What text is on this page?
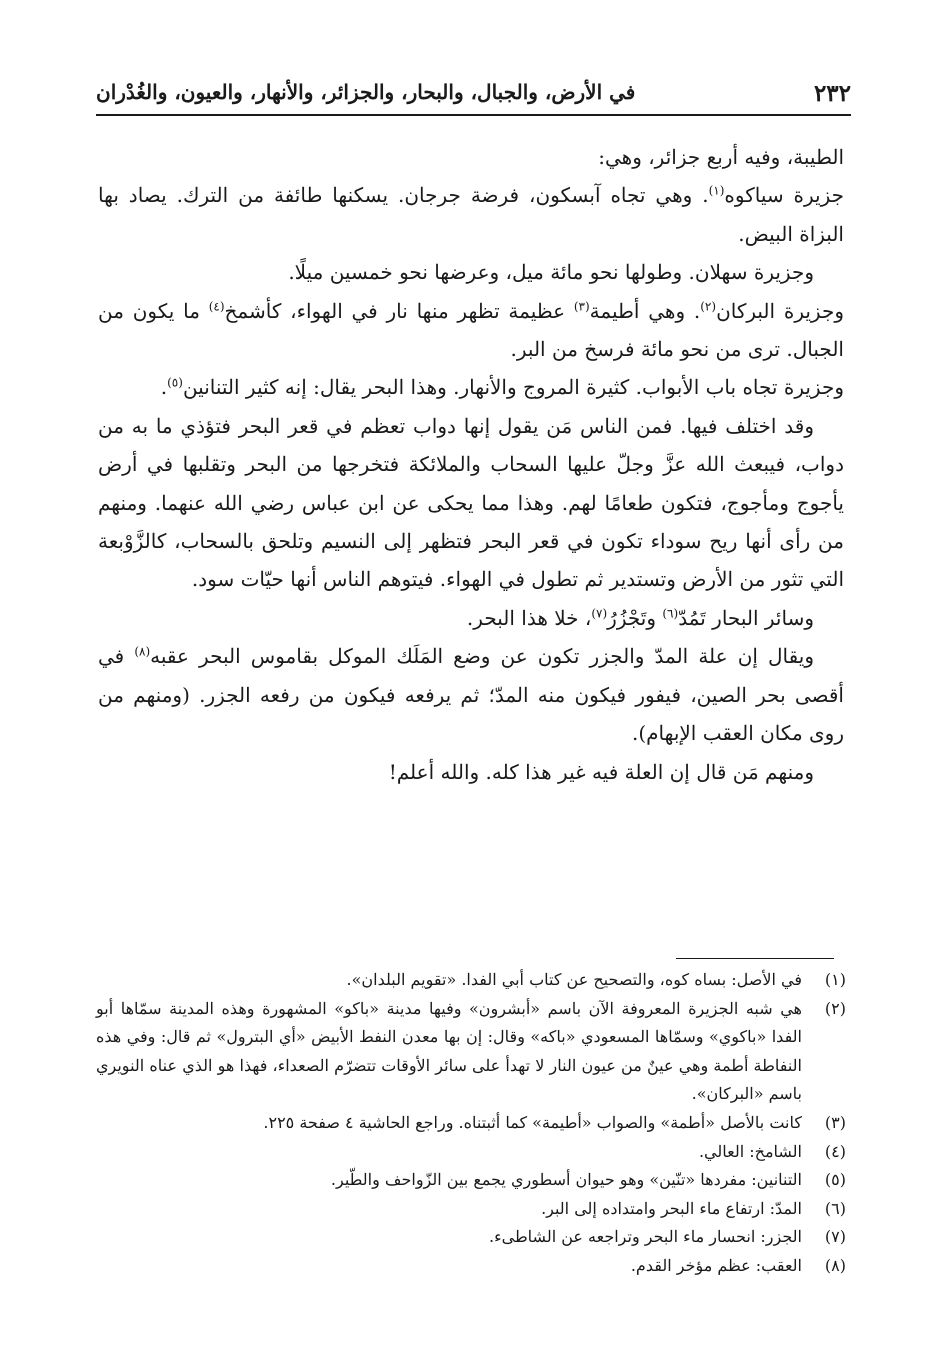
٢٣٢
في الأرض، والجبال، والبحار، والجزائر، والأنهار، والعيون، والغُدْران

الطيبة، وفيه أربع جزائر، وهي:

جزيرة سياكوه$^{(١)}$. وهي تجاه آبسكون، فرضة جرجان. يسكنها طائفة من الترك. يصاد بها البزاة البيض.

وجزيرة سهلان. وطولها نحو مائة ميل، وعرضها نحو خمسين ميلًا.

وجزيرة البركان$^{(٢)}$. وهي أطيمة$^{(٣)}$ عظيمة تظهر منها نار في الهواء، كأشمخ$^{(٤)}$ ما يكون من الجبال. ترى من نحو مائة فرسخ من البر.

وجزيرة تجاه باب الأبواب. كثيرة المروج والأنهار. وهذا البحر يقال: إنه كثير التنانين$^{(٥)}$.

وقد اختلف فيها. فمن الناس مَن يقول إنها دواب تعظم في قعر البحر فتؤذي ما به من دواب، فيبعث الله عزَّ وجلّ عليها السحاب والملائكة فتخرجها من البحر وتقلبها في أرض يأجوج ومأجوج، فتكون طعامًا لهم. وهذا مما يحكى عن ابن عباس رضي الله عنهما. ومنهم من رأى أنها ريح سوداء تكون في قعر البحر فتظهر إلى النسيم وتلحق بالسحاب، كالزَّوْبعة التي تثور من الأرض وتستدير ثم تطول في الهواء. فيتوهم الناس أنها حيّات سود.

وسائر البحار تَمُدّ$^{(٦)}$ وتَجْزُرُ$^{(٧)}$، خلا هذا البحر.

ويقال إن علة المدّ والجزر تكون عن وضع المَلَك الموكل بقاموس البحر عقبه$^{(٨)}$ في أقصى بحر الصين، فيفور فيكون منه المدّ؛ ثم يرفعه فيكون من رفعه الجزر. (ومنهم من روى مكان العقب الإبهام).

ومنهم مَن قال إن العلة فيه غير هذا كله. والله أعلم!

(١)
في الأصل: بساه كوه، والتصحيح عن كتاب أبي الفدا. «تقويم البلدان».

(٢)
هي شبه الجزيرة المعروفة الآن باسم «أبشرون» وفيها مدينة «باكو» المشهورة وهذه المدينة سمّاها أبو الفدا «باكوي» وسمّاها المسعودي «باكه» وقال: إن بها معدن النفط الأبيض «أي البترول» ثم قال: وفي هذه النفاطة أطمة وهي عينٌ من عيون النار لا تهدأ على سائر الأوقات تتضرّم الصعداء، فهذا هو الذي عناه النويري باسم «البركان».

(٣)
كانت بالأصل «أطمة» والصواب «أطيمة» كما أثبتناه. وراجع الحاشية ٤ صفحة ٢٢٥.

(٤)
الشامخ: العالي.

(٥)
التنانين: مفردها «تنّين» وهو حيوان أسطوري يجمع بين الزّواحف والطّير.

(٦)
المدّ: ارتفاع ماء البحر وامتداده إلى البر.

(٧)
الجزر: انحسار ماء البحر وتراجعه عن الشاطىء.

(٨)
العقب: عظم مؤخر القدم.
